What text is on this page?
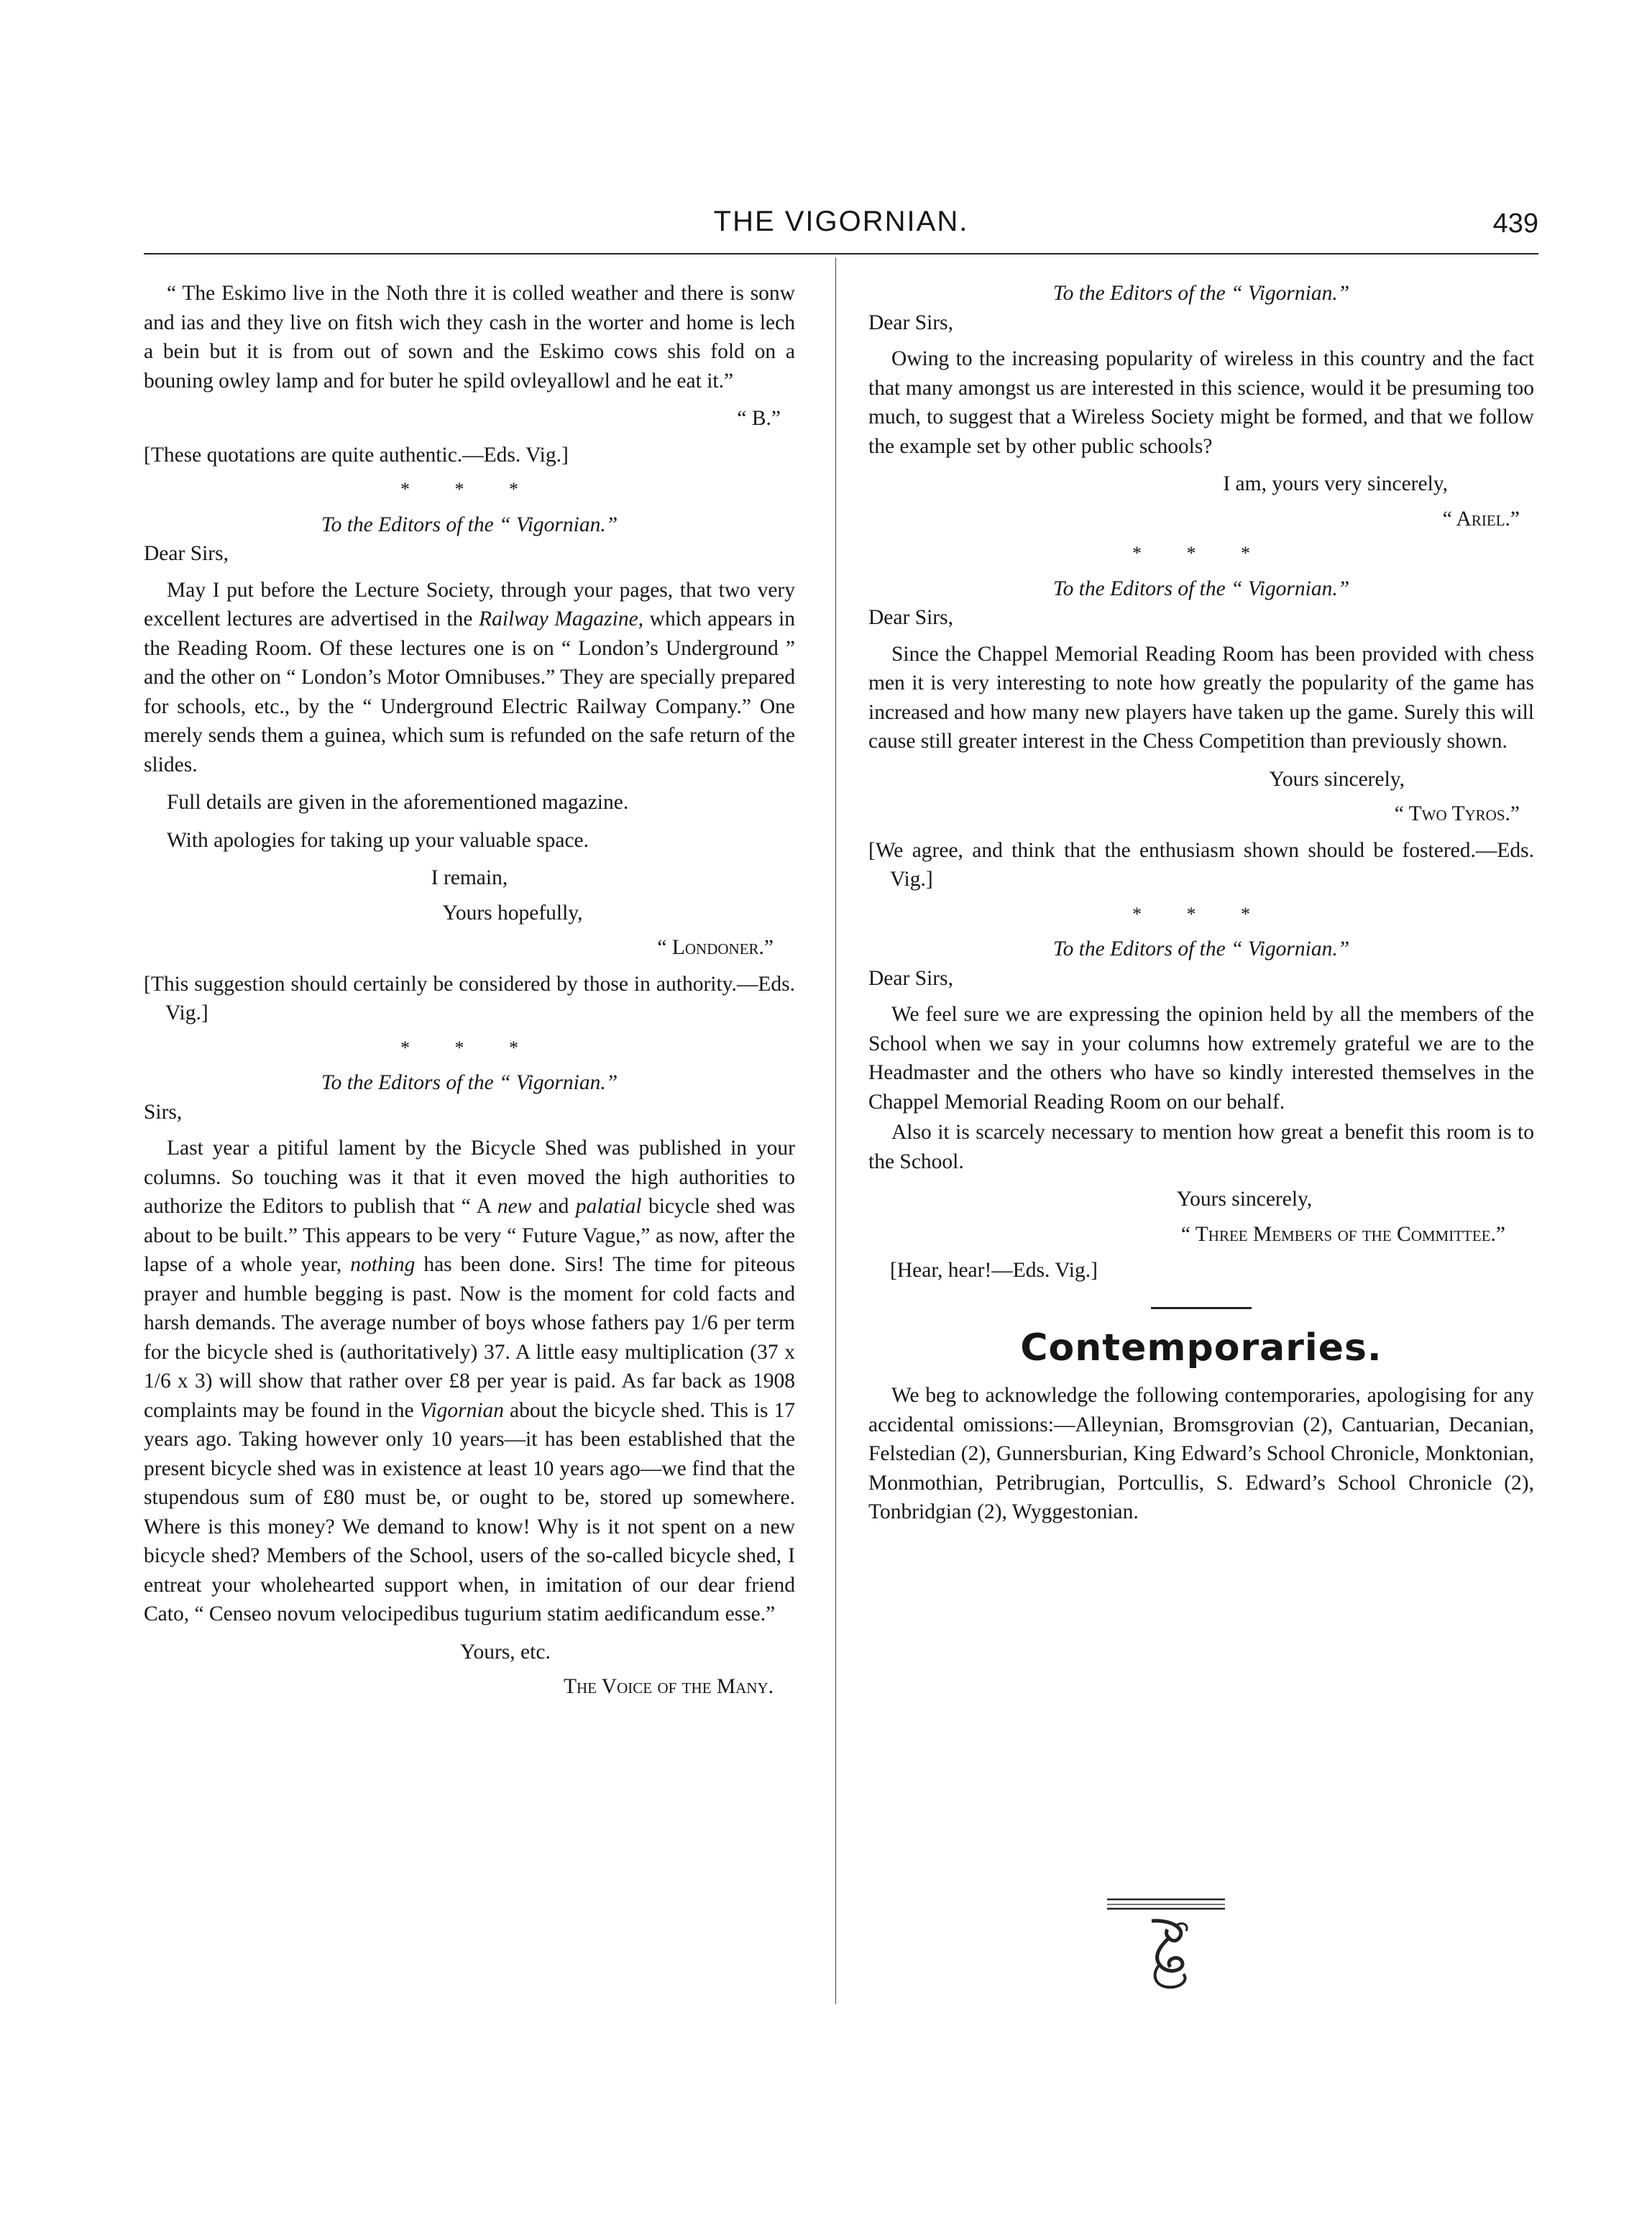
THE VIGORNIAN.	439

“ The Eskimo live in the Noth thre it is colled weather and there is sonw and ias and they live on fitsh wich they cash in the worter and home is lech a bein but it is from out of sown and the Eskimo cows shis fold on a bouning owley lamp and for buter he spild ovleyallowl and he eat it.”

“ B.”
[These quotations are quite authentic.—Eds. Vig.]
* * *
To the Editors of the “ Vigornian.”
Dear Sirs,

May I put before the Lecture Society, through your pages, that two very excellent lectures are advertised in the Railway Magazine, which appears in the Reading Room. Of these lectures one is on “ London’s Underground ” and the other on “ London’s Motor Omnibuses.” They are specially prepared for schools, etc., by the “ Underground Electric Railway Company.” One merely sends them a guinea, which sum is refunded on the safe return of the slides.

Full details are given in the aforementioned magazine.

With apologies for taking up your valuable space.

I remain,
Yours hopefully,
“ Londoner.”
[This suggestion should certainly be considered by those in authority.—Eds. Vig.]
* * *
To the Editors of the “ Vigornian.”
Sirs,

Last year a pitiful lament by the Bicycle Shed was published in your columns. So touching was it that it even moved the high authorities to authorize the Editors to publish that “ A new and palatial bicycle shed was about to be built.” This appears to be very “ Future Vague,” as now, after the lapse of a whole year, nothing has been done. Sirs! The time for piteous prayer and humble begging is past. Now is the moment for cold facts and harsh demands. The average number of boys whose fathers pay 1/6 per term for the bicycle shed is (authoritatively) 37. A little easy multiplication (37 x 1/6 x 3) will show that rather over £8 per year is paid. As far back as 1908 complaints may be found in the Vigornian about the bicycle shed. This is 17 years ago. Taking however only 10 years—it has been established that the present bicycle shed was in existence at least 10 years ago—we find that the stupendous sum of £80 must be, or ought to be, stored up somewhere. Where is this money? We demand to know! Why is it not spent on a new bicycle shed? Members of the School, users of the so-called bicycle shed, I entreat your wholehearted support when, in imitation of our dear friend Cato, “ Censeo novum velocipedibus tugurium statim aedificandum esse.”

Yours, etc.
The Voice of the Many.
To the Editors of the “ Vigornian.”
Dear Sirs,

Owing to the increasing popularity of wireless in this country and the fact that many amongst us are interested in this science, would it be presuming too much, to suggest that a Wireless Society might be formed, and that we follow the example set by other public schools?

I am, yours very sincerely,
“ Ariel.”
* * *
To the Editors of the “ Vigornian.”
Dear Sirs,

Since the Chappel Memorial Reading Room has been provided with chess men it is very interesting to note how greatly the popularity of the game has increased and how many new players have taken up the game. Surely this will cause still greater interest in the Chess Competition than previously shown.

Yours sincerely,
“ Two Tyros.”
[We agree, and think that the enthusiasm shown should be fostered.—Eds. Vig.]
* * *
To the Editors of the “ Vigornian.”
Dear Sirs,

We feel sure we are expressing the opinion held by all the members of the School when we say in your columns how extremely grateful we are to the Headmaster and the others who have so kindly interested themselves in the Chappel Memorial Reading Room on our behalf.

Also it is scarcely necessary to mention how great a benefit this room is to the School.

Yours sincerely,
“ Three Members of the Committee.”
[Hear, hear!—Eds. Vig.]
Contemporaries.

We beg to acknowledge the following contemporaries, apologising for any accidental omissions:—Alleynian, Bromsgrovian (2), Cantuarian, Decanian, Felstedian (2), Gunnersburian, King Edward’s School Chronicle, Monktonian, Monmothian, Petribrugian, Portcullis, S. Edward’s School Chronicle (2), Tonbridgian (2), Wyggestonian.
